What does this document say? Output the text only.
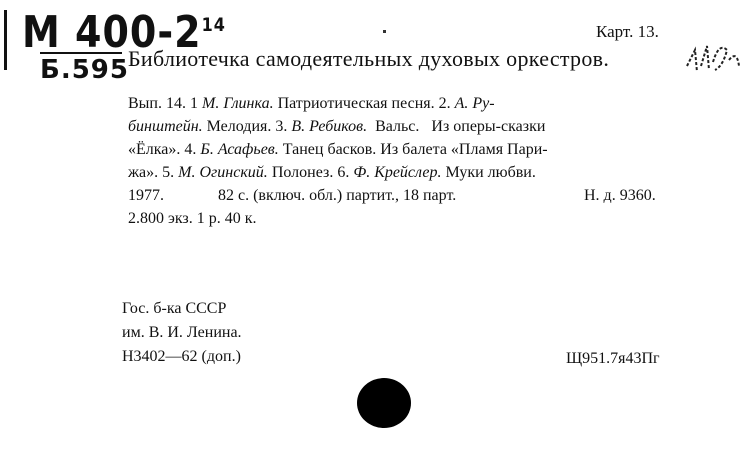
М $400-2^{14}$
Б.595
Карт. 13.
Библиотечка самодеятельных духовых оркестров.
Вып. 14. 1 М. Глинка. Патриотическая песня. 2. А. Ру-
бинштейн. Мелодия. 3. В. Ребиков.  Вальс.   Из оперы-сказки
«Ёлка». 4. Б. Асафьев. Танец басков. Из балета «Пламя Пари-
жа». 5. М. Огинский. Полонез. 6. Ф. Крейслер. Муки любви.
1977.	82 с. (включ. обл.) партит., 18 парт.	Н. д. 9360.
2.800 экз. 1 р. 40 к.
Гос. б-ка СССР
им. В. И. Ленина.
Н3402—62 (доп.)	Щ951.7я43Пг
